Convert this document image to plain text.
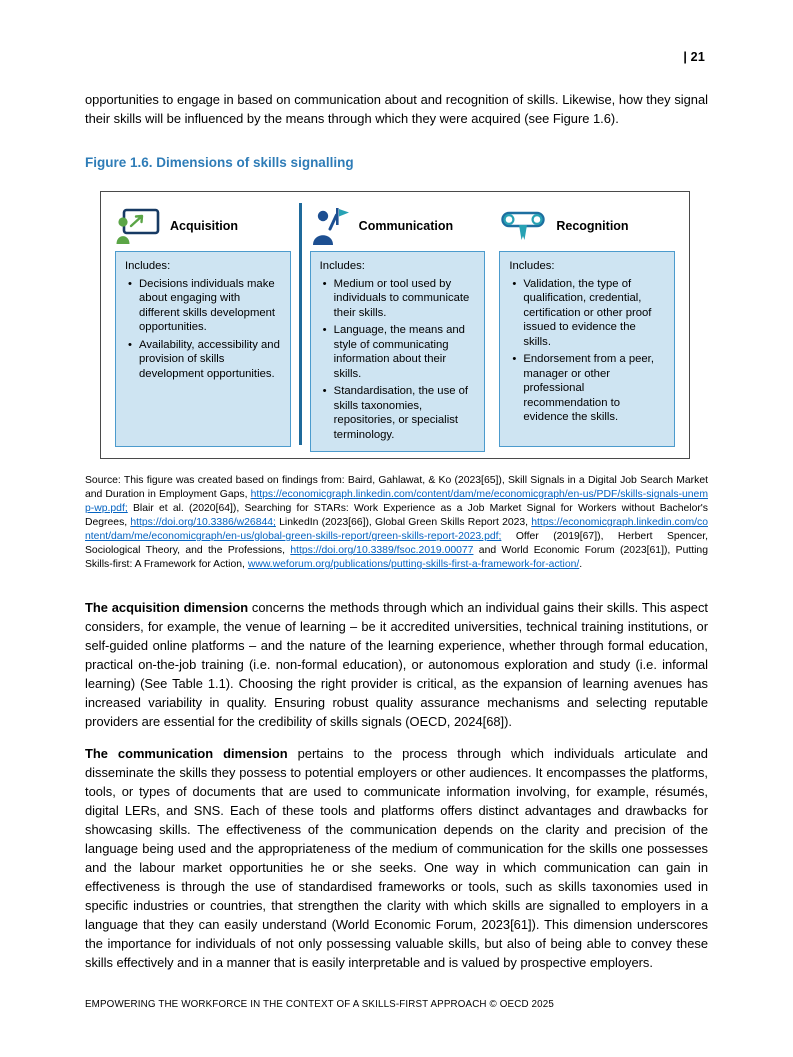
| 21

opportunities to engage in based on communication about and recognition of skills. Likewise, how they signal their skills will be influenced by the means through which they were acquired (see Figure 1.6).

Figure 1.6. Dimensions of skills signalling
Acquisition
Includes:
• Decisions individuals make about engaging with different skills development opportunities.
• Availability, accessibility and provision of skills development opportunities.
Communication
Includes:
• Medium or tool used by individuals to communicate their skills.
• Language, the means and style of communicating information about their skills.
• Standardisation, the use of skills taxonomies, repositories, or specialist terminology.
Recognition
Includes:
• Validation, the type of qualification, credential, certification or other proof issued to evidence the skills.
• Endorsement from a peer, manager or other professional recommendation to evidence the skills.

Source: This figure was created based on findings from: Baird, Gahlawat, & Ko (2023[65]), Skill Signals in a Digital Job Search Market and Duration in Employment Gaps, https://economicgraph.linkedin.com/content/dam/me/economicgraph/en-us/PDF/skills-signals-unemp-wp.pdf; Blair et al. (2020[64]), Searching for STARs: Work Experience as a Job Market Signal for Workers without Bachelor's Degrees, https://doi.org/10.3386/w26844; LinkedIn (2023[66]), Global Green Skills Report 2023, https://economicgraph.linkedin.com/content/dam/me/economicgraph/en-us/global-green-skills-report/green-skills-report-2023.pdf; Offer (2019[67]), Herbert Spencer, Sociological Theory, and the Professions, https://doi.org/10.3389/fsoc.2019.00077 and World Economic Forum (2023[61]), Putting Skills-first: A Framework for Action, www.weforum.org/publications/putting-skills-first-a-framework-for-action/.

The acquisition dimension concerns the methods through which an individual gains their skills. This aspect considers, for example, the venue of learning – be it accredited universities, technical training institutions, or self-guided online platforms – and the nature of the learning experience, whether through formal education, practical on-the-job training (i.e. non-formal education), or autonomous exploration and study (i.e. informal learning) (See Table 1.1). Choosing the right provider is critical, as the expansion of learning avenues has increased variability in quality. Ensuring robust quality assurance mechanisms and selecting reputable providers are essential for the credibility of skills signals (OECD, 2024[68]).

The communication dimension pertains to the process through which individuals articulate and disseminate the skills they possess to potential employers or other audiences. It encompasses the platforms, tools, or types of documents that are used to communicate information involving, for example, résumés, digital LERs, and SNS. Each of these tools and platforms offers distinct advantages and drawbacks for showcasing skills. The effectiveness of the communication depends on the clarity and precision of the language being used and the appropriateness of the medium of communication for the skills one possesses and the labour market opportunities he or she seeks. One way in which communication can gain in effectiveness is through the use of standardised frameworks or tools, such as skills taxonomies used in specific industries or countries, that strengthen the clarity with which skills are signalled to employers in a language that they can easily understand (World Economic Forum, 2023[61]). This dimension underscores the importance for individuals of not only possessing valuable skills, but also of being able to convey these skills effectively and in a manner that is easily interpretable and is valued by prospective employers.

EMPOWERING THE WORKFORCE IN THE CONTEXT OF A SKILLS-FIRST APPROACH © OECD 2025
